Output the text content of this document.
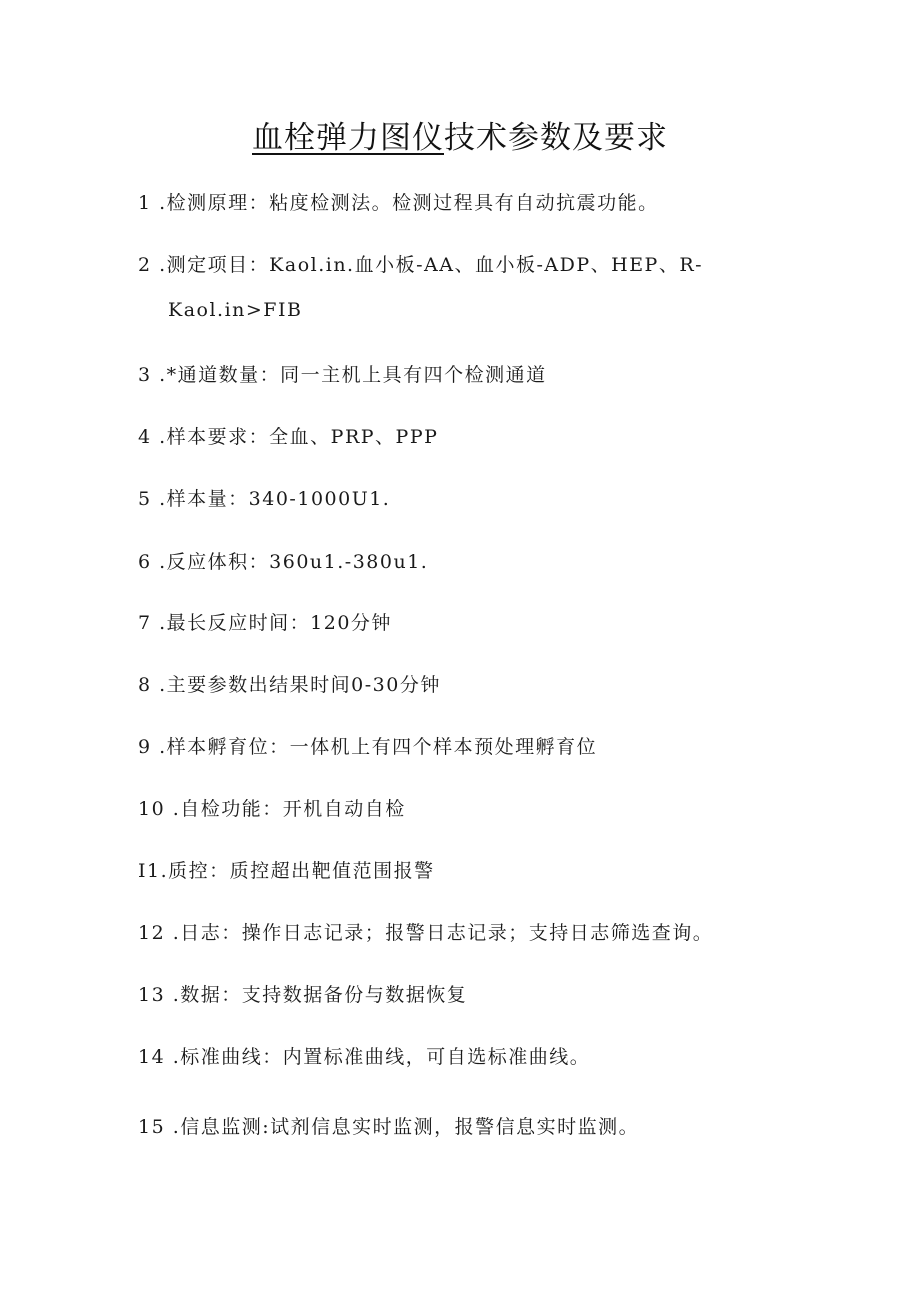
血栓弹力图仪技术参数及要求
1 .检测原理：粘度检测法。检测过程具有自动抗震功能。
2 .测定项目：Kaol.in.血小板-AA、血小板-ADP、HEP、R-
Kaol.in>FIB
3 .*通道数量：同一主机上具有四个检测通道
4 .样本要求：全血、PRP、PPP
5 .样本量：340-1000U1.
6 .反应体积：360u1.-380u1.
7 .最长反应时间：120分钟
8 .主要参数出结果时间0-30分钟
9 .样本孵育位：一体机上有四个样本预处理孵育位
10 .自检功能：开机自动自检
I1.质控：质控超出靶值范围报警
12 .日志：操作日志记录；报警日志记录；支持日志筛选查询。
13 .数据：支持数据备份与数据恢复
14 .标准曲线：内置标准曲线，可自选标准曲线。
15 .信息监测:试剂信息实时监测，报警信息实时监测。
